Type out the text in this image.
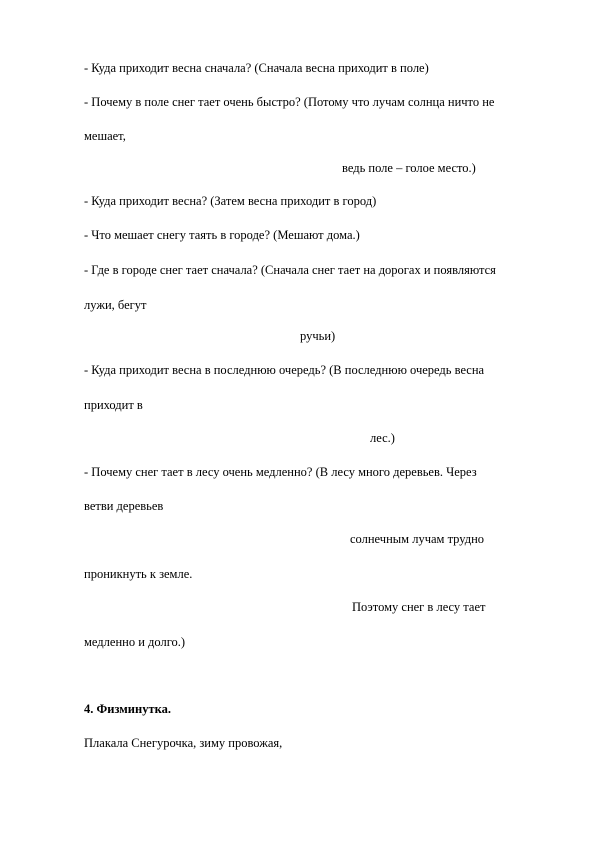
- Куда приходит весна сначала? (Сначала весна приходит в поле)
- Почему в поле снег тает очень быстро? (Потому что лучам солнца ничто не
мешает,
ведь поле – голое место.)
- Куда приходит весна? (Затем весна приходит в город)
- Что мешает снегу таять в городе? (Мешают дома.)
- Где в городе снег тает сначала? (Сначала снег тает на дорогах и появляются
лужи, бегут
ручьи)
- Куда приходит весна в последнюю очередь? (В последнюю очередь весна
приходит в
лес.)
- Почему снег тает в лесу очень медленно? (В лесу много деревьев. Через
ветви деревьев
солнечным лучам трудно
проникнуть к земле.
Поэтому снег в лесу тает
медленно и долго.)
4. Физминутка.
Плакала Снегурочка, зиму провожая,
